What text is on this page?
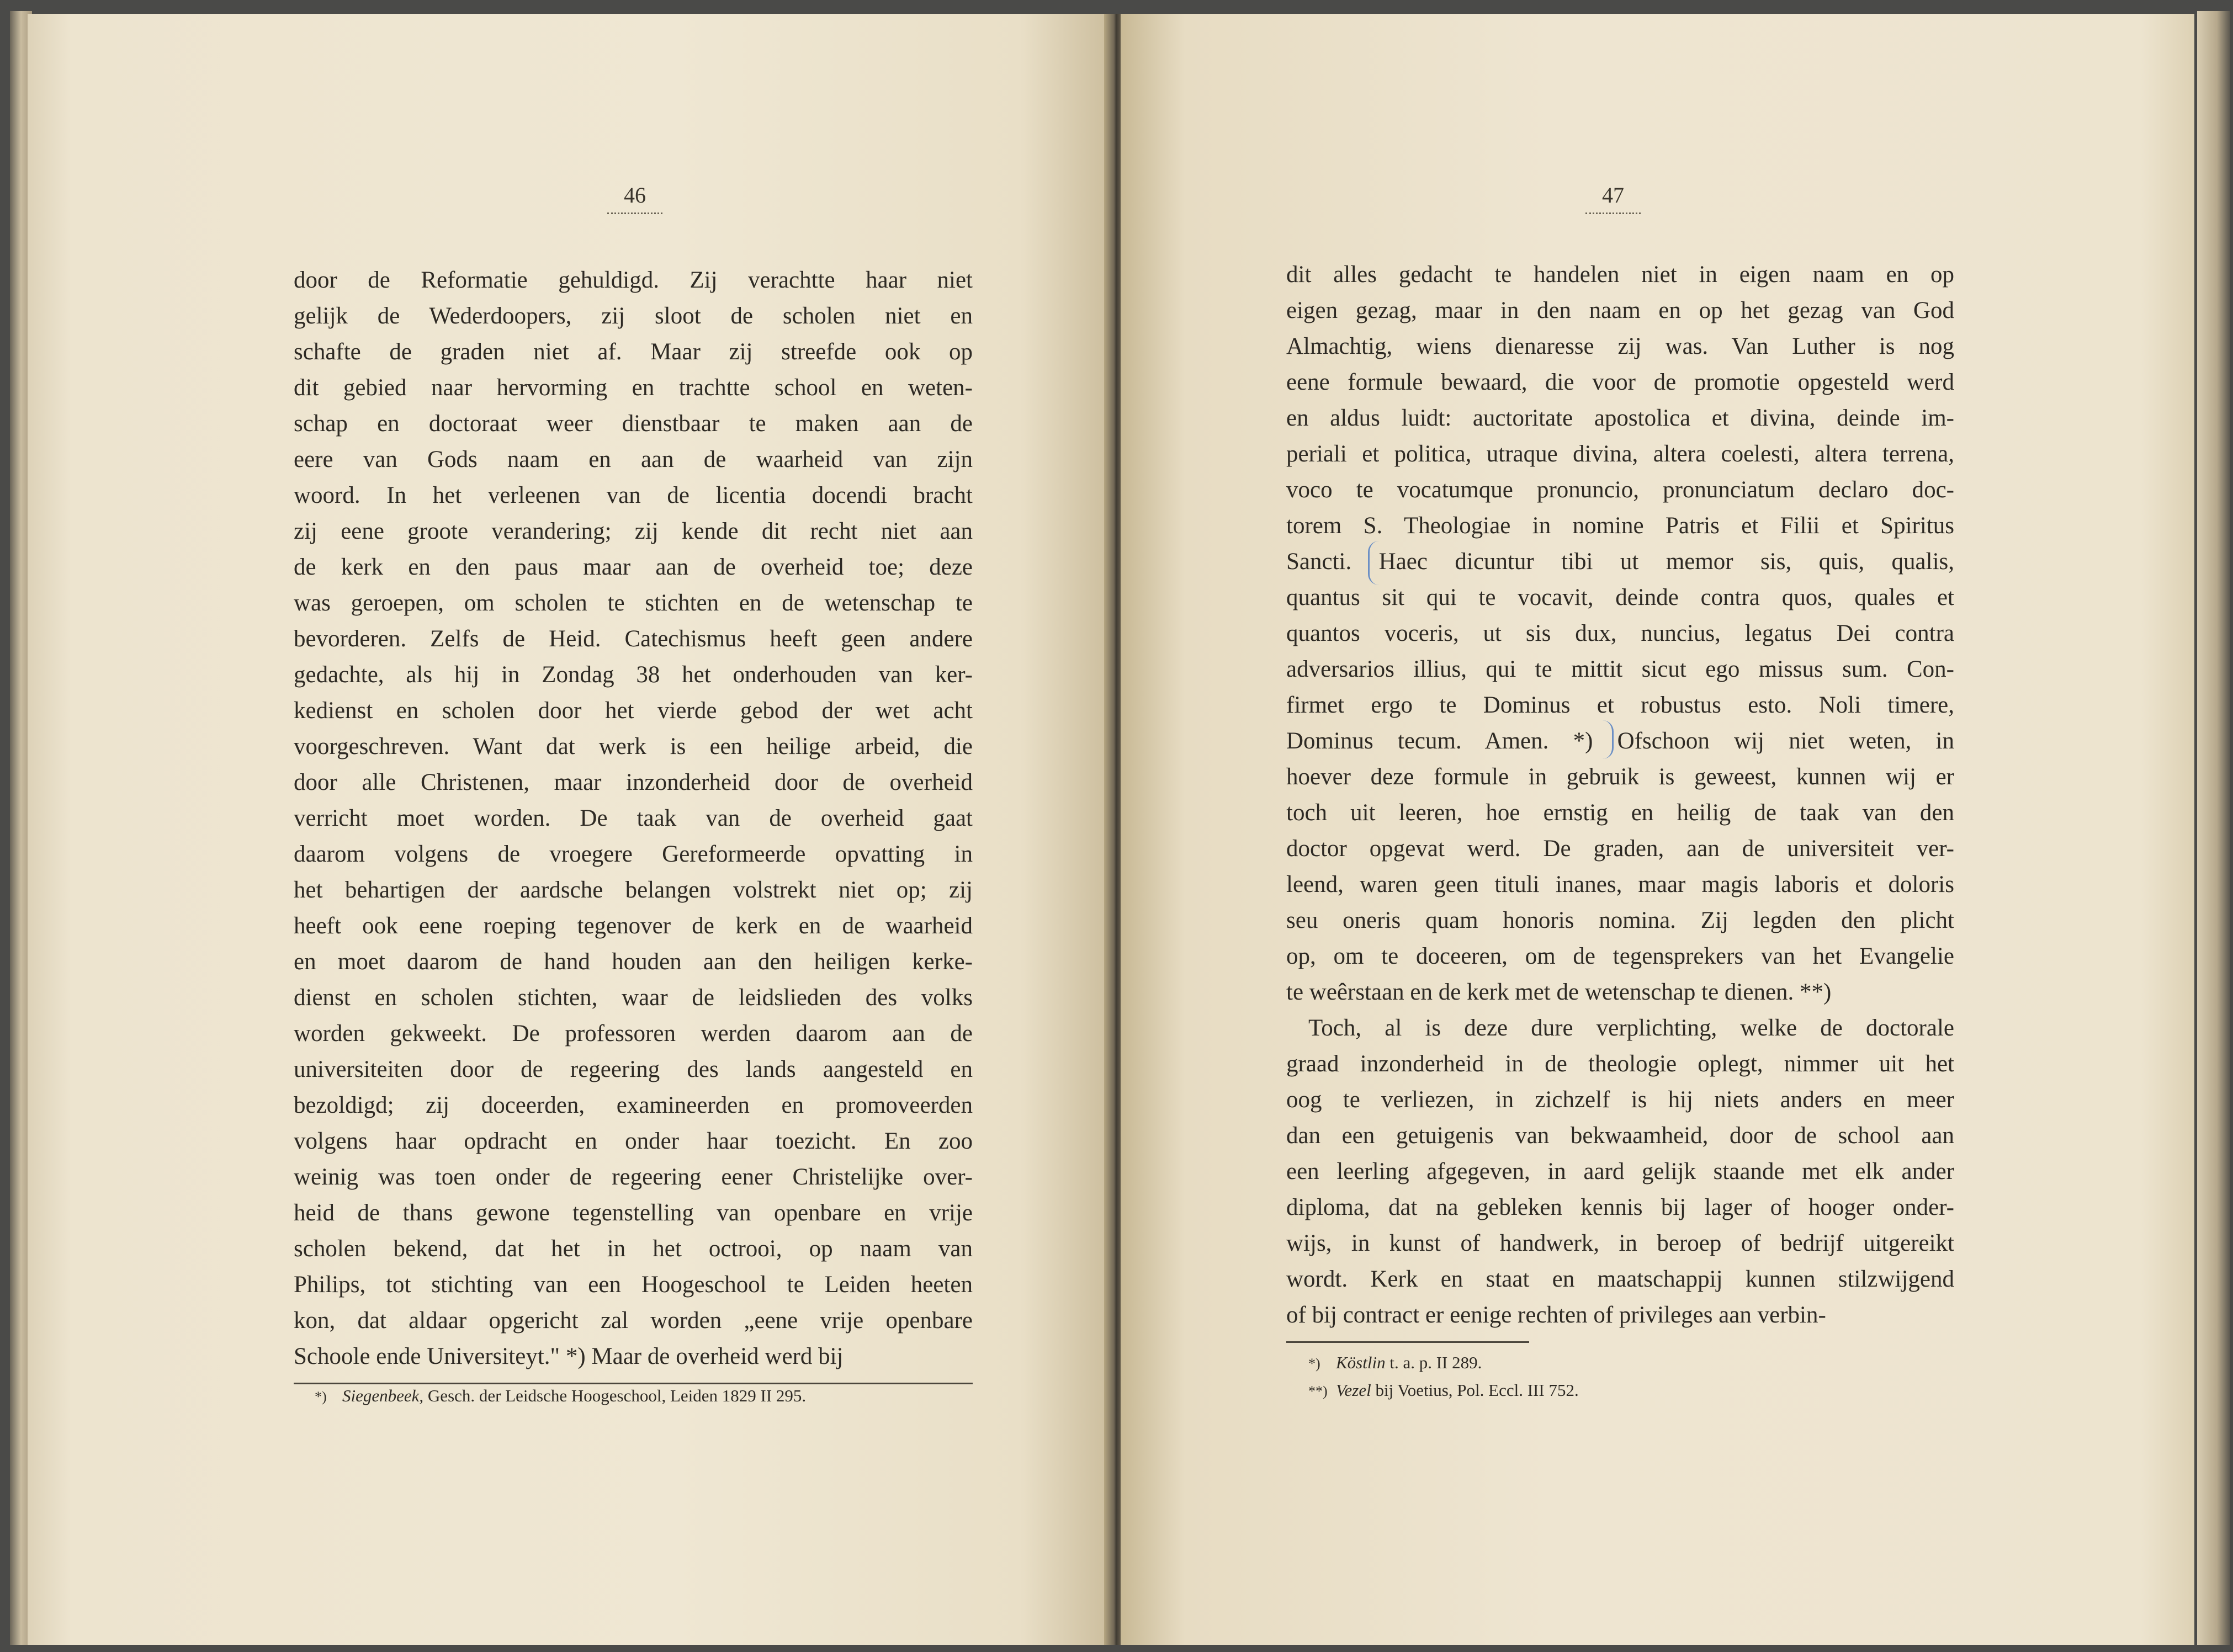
46
door de Reformatie gehuldigd. Zij verachtte haar niet
gelijk de Wederdoopers, zij sloot de scholen niet en
schafte de graden niet af. Maar zij streefde ook op
dit gebied naar hervorming en trachtte school en weten-
schap en doctoraat weer dienstbaar te maken aan de
eere van Gods naam en aan de waarheid van zijn
woord. In het verleenen van de licentia docendi bracht
zij eene groote verandering; zij kende dit recht niet aan
de kerk en den paus maar aan de overheid toe; deze
was geroepen, om scholen te stichten en de wetenschap te
bevorderen. Zelfs de Heid. Catechismus heeft geen andere
gedachte, als hij in Zondag 38 het onderhouden van ker-
kedienst en scholen door het vierde gebod der wet acht
voorgeschreven. Want dat werk is een heilige arbeid, die
door alle Christenen, maar inzonderheid door de overheid
verricht moet worden. De taak van de overheid gaat
daarom volgens de vroegere Gereformeerde opvatting in
het behartigen der aardsche belangen volstrekt niet op; zij
heeft ook eene roeping tegenover de kerk en de waarheid
en moet daarom de hand houden aan den heiligen kerke-
dienst en scholen stichten, waar de leidslieden des volks
worden gekweekt. De professoren werden daarom aan de
universiteiten door de regeering des lands aangesteld en
bezoldigd; zij doceerden, examineerden en promoveerden
volgens haar opdracht en onder haar toezicht. En zoo
weinig was toen onder de regeering eener Christelijke over-
heid de thans gewone tegenstelling van openbare en vrije
scholen bekend, dat het in het octrooi, op naam van
Philips, tot stichting van een Hoogeschool te Leiden heeten
kon, dat aldaar opgericht zal worden „eene vrije openbare
Schoole ende Universiteyt." *) Maar de overheid werd bij
*) Siegenbeek, Gesch. der Leidsche Hoogeschool, Leiden 1829 II 295.
47
dit alles gedacht te handelen niet in eigen naam en op
eigen gezag, maar in den naam en op het gezag van God
Almachtig, wiens dienaresse zij was. Van Luther is nog
eene formule bewaard, die voor de promotie opgesteld werd
en aldus luidt: auctoritate apostolica et divina, deinde im-
periali et politica, utraque divina, altera coelesti, altera terrena,
voco te vocatumque pronuncio, pronunciatum declaro doc-
torem S. Theologiae in nomine Patris et Filii et Spiritus
Sancti. Haec dicuntur tibi ut memor sis, quis, qualis,
quantus sit qui te vocavit, deinde contra quos, quales et
quantos voceris, ut sis dux, nuncius, legatus Dei contra
adversarios illius, qui te mittit sicut ego missus sum. Con-
firmet ergo te Dominus et robustus esto. Noli timere,
Dominus tecum. Amen. *) Ofschoon wij niet weten, in
hoever deze formule in gebruik is geweest, kunnen wij er
toch uit leeren, hoe ernstig en heilig de taak van den
doctor opgevat werd. De graden, aan de universiteit ver-
leend, waren geen tituli inanes, maar magis laboris et doloris
seu oneris quam honoris nomina. Zij legden den plicht
op, om te doceeren, om de tegensprekers van het Evangelie
te weêrstaan en de kerk met de wetenschap te dienen. **)
Toch, al is deze dure verplichting, welke de doctorale
graad inzonderheid in de theologie oplegt, nimmer uit het
oog te verliezen, in zichzelf is hij niets anders en meer
dan een getuigenis van bekwaamheid, door de school aan
een leerling afgegeven, in aard gelijk staande met elk ander
diploma, dat na gebleken kennis bij lager of hooger onder-
wijs, in kunst of handwerk, in beroep of bedrijf uitgereikt
wordt. Kerk en staat en maatschappij kunnen stilzwijgend
of bij contract er eenige rechten of privileges aan verbin-
*) Köstlin t. a. p. II 289.
**) Vezel bij Voetius, Pol. Eccl. III 752.
